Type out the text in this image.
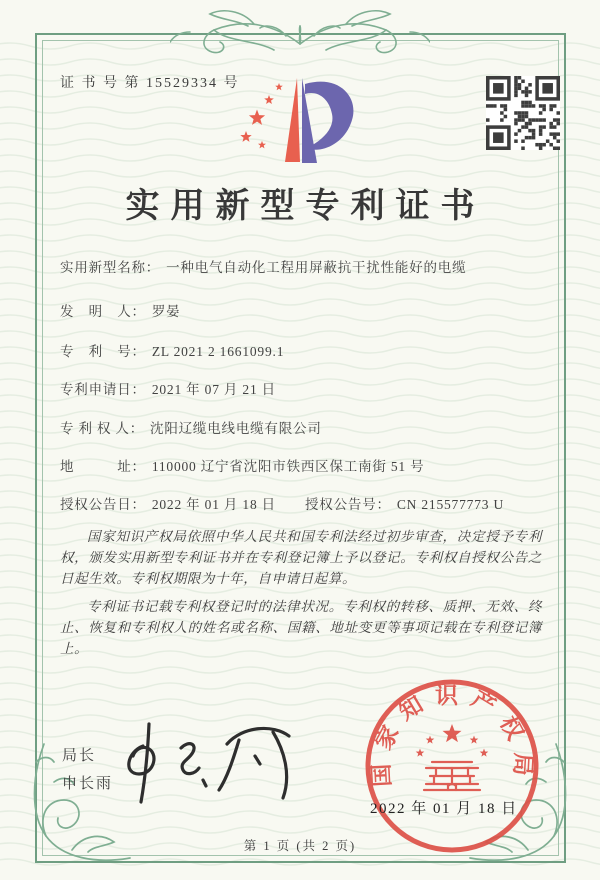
证 书 号 第 15529334 号
实用新型专利证书
实用新型名称： 一种电气自动化工程用屏蔽抗干扰性能好的电缆
发　明　人： 罗晏
专　利　号： ZL 2021 2 1661099.1
专利申请日： 2021 年 07 月 21 日
专 利 权 人： 沈阳辽缆电线电缆有限公司
地　　　址： 110000 辽宁省沈阳市铁西区保工南街 51 号
授权公告日： 2022 年 01 月 18 日 授权公告号： CN 215577773 U

国家知识产权局依照中华人民共和国专利法经过初步审查，决定授予专利权，颁发实用新型专利证书并在专利登记簿上予以登记。专利权自授权公告之日起生效。专利权期限为十年，自申请日起算。

专利证书记载专利权登记时的法律状况。专利权的转移、质押、无效、终止、恢复和专利权人的姓名或名称、国籍、地址变更等事项记载在专利登记簿上。

局长
申长雨	国家知识产权局
2022 年 01 月 18 日
第 1 页 (共 2 页)
